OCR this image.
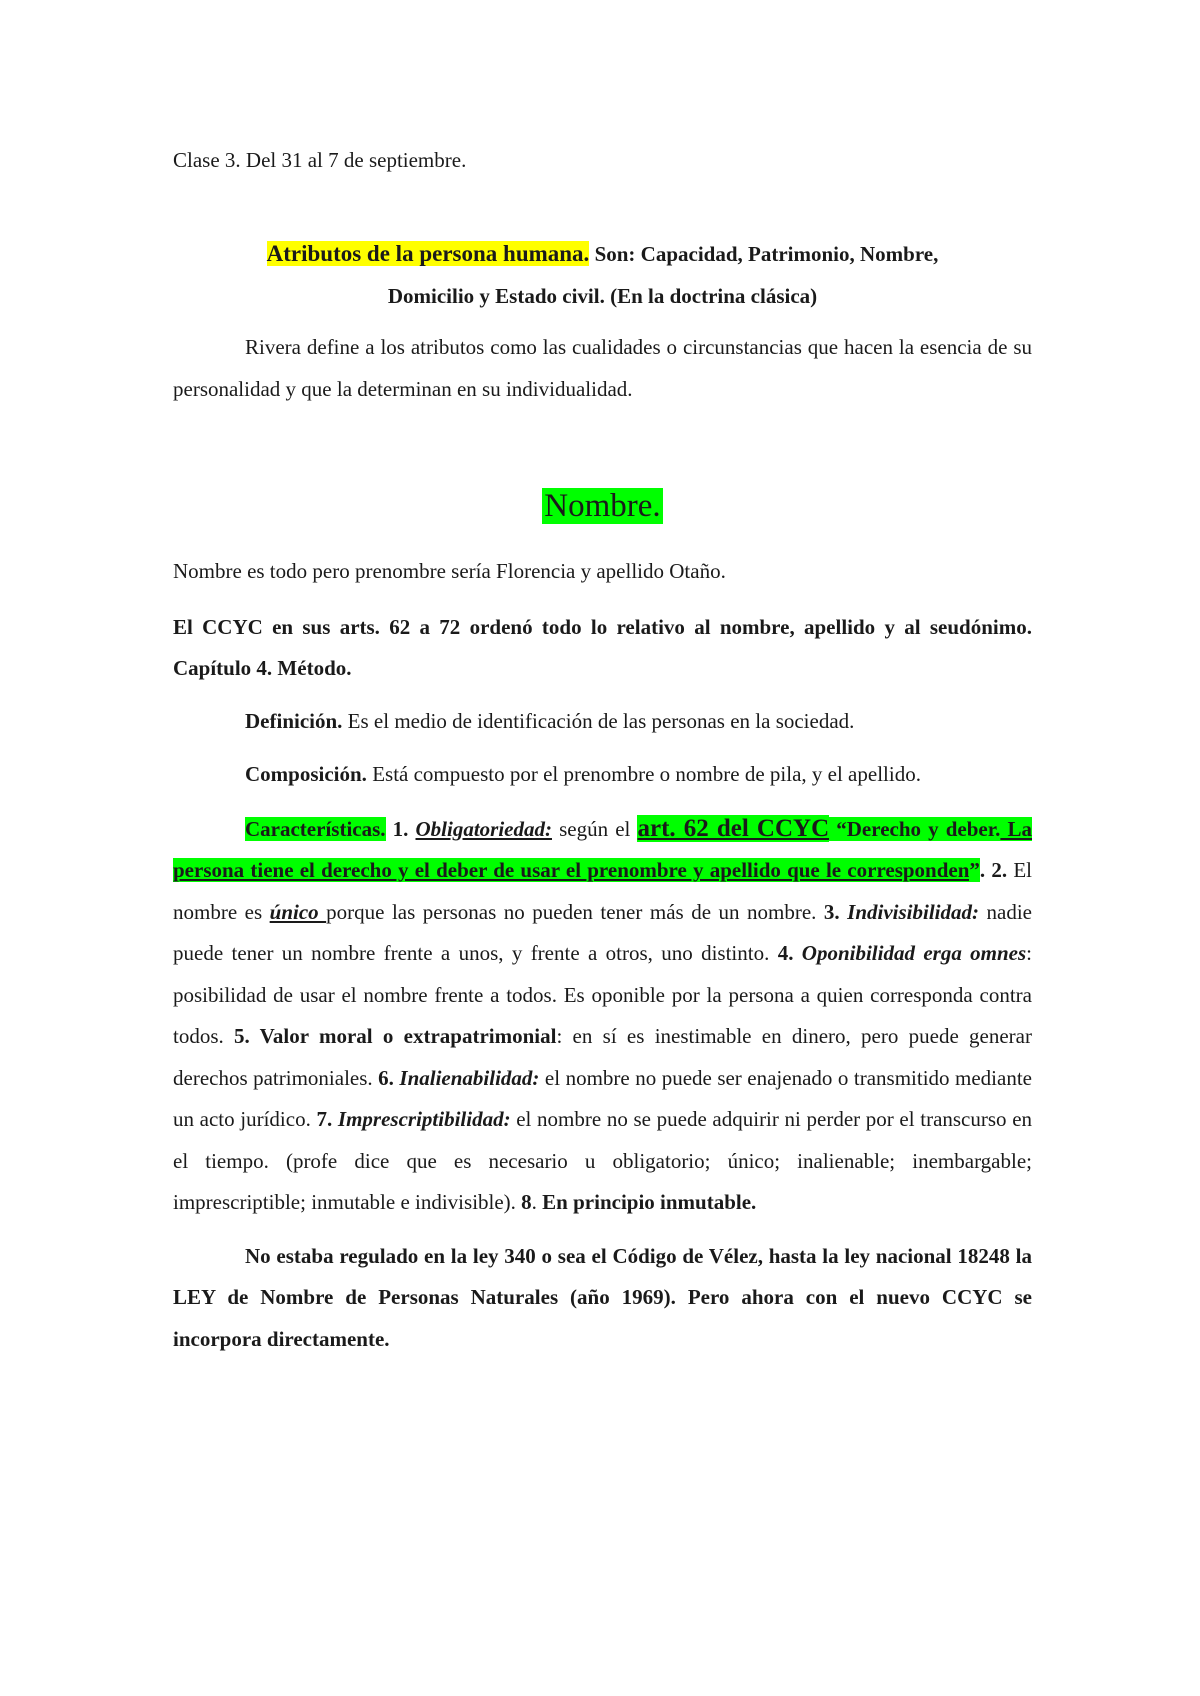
Clase 3. Del 31 al 7 de septiembre.

Atributos de la persona humana. Son: Capacidad, Patrimonio, Nombre,
Domicilio y Estado civil. (En la doctrina clásica)

Rivera define a los atributos como las cualidades o circunstancias que hacen la esencia de su personalidad y que la determinan en su individualidad.

Nombre.

Nombre es todo pero prenombre sería Florencia y apellido Otaño.

El CCYC en sus arts. 62 a 72 ordenó todo lo relativo al nombre, apellido y al seudónimo. Capítulo 4. Método.

Definición. Es el medio de identificación de las personas en la sociedad.

Composición. Está compuesto por el prenombre o nombre de pila, y el apellido.

Características. 1. Obligatoriedad: según el art. 62 del CCYC “Derecho y deber. La persona tiene el derecho y el deber de usar el prenombre y apellido que le corresponden”. 2. El nombre es único porque las personas no pueden tener más de un nombre. 3. Indivisibilidad: nadie puede tener un nombre frente a unos, y frente a otros, uno distinto. 4. Oponibilidad erga omnes: posibilidad de usar el nombre frente a todos. Es oponible por la persona a quien corresponda contra todos. 5. Valor moral o extrapatrimonial: en sí es inestimable en dinero, pero puede generar derechos patrimoniales. 6. Inalienabilidad: el nombre no puede ser enajenado o transmitido mediante un acto jurídico. 7. Imprescriptibilidad: el nombre no se puede adquirir ni perder por el transcurso en el tiempo. (profe dice que es necesario u obligatorio; único; inalienable; inembargable; imprescriptible; inmutable e indivisible). 8. En principio inmutable.

No estaba regulado en la ley 340 o sea el Código de Vélez, hasta la ley nacional 18248 la LEY de Nombre de Personas Naturales (año 1969). Pero ahora con el nuevo CCYC se incorpora directamente.
